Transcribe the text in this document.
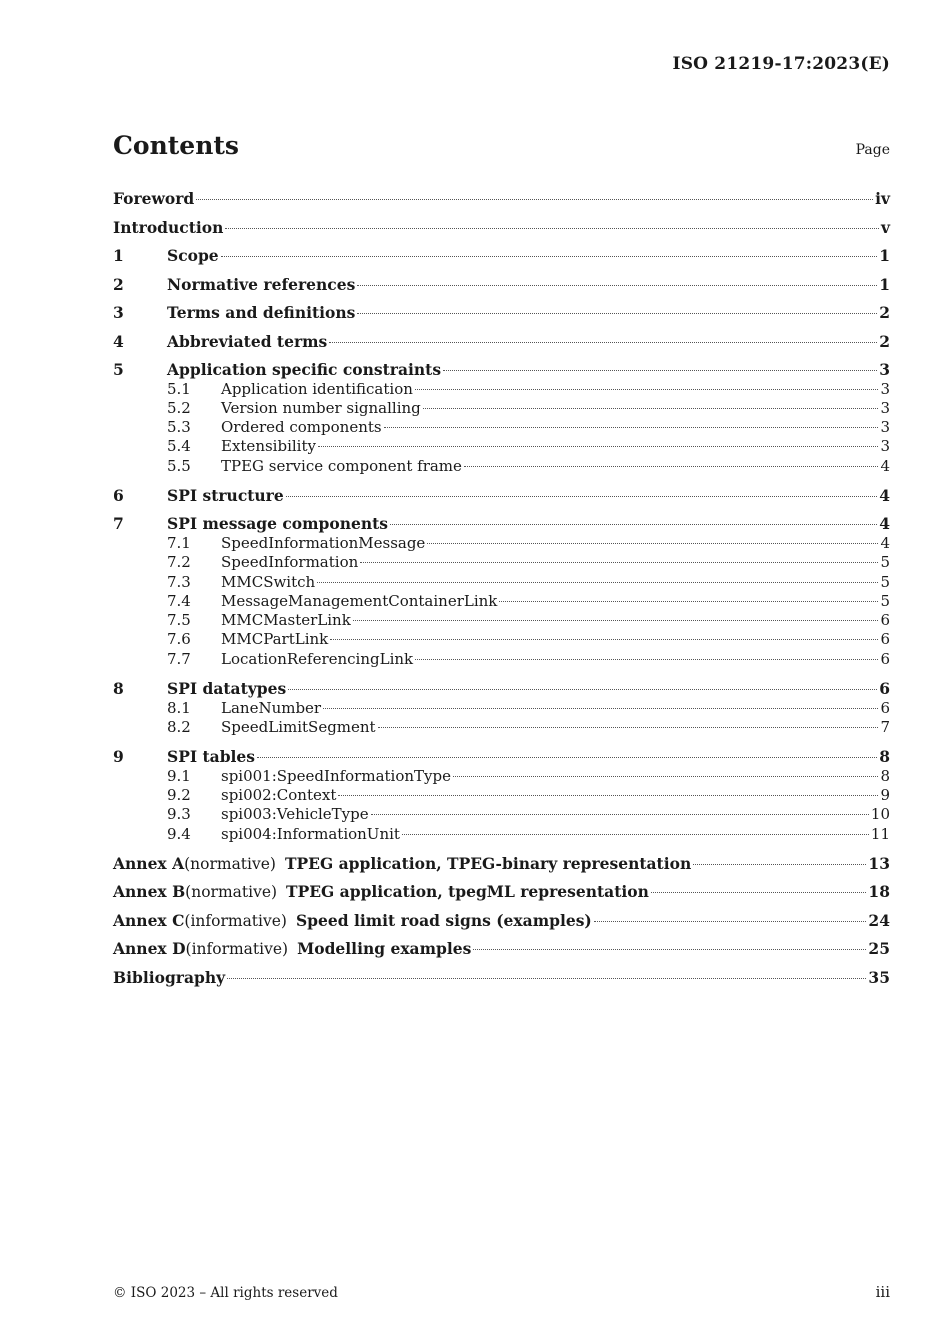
ISO 21219-17:2023(E)
Contents	Page
Foreword	iv
Introduction	v
1	Scope	1
2	Normative references	1
3	Terms and definitions	2
4	Abbreviated terms	2
5	Application specific constraints	3
5.1	Application identification	3
5.2	Version number signalling	3
5.3	Ordered components	3
5.4	Extensibility	3
5.5	TPEG service component frame	4
6	SPI structure	4
7	SPI message components	4
7.1	SpeedInformationMessage	4
7.2	SpeedInformation	5
7.3	MMCSwitch	5
7.4	MessageManagementContainerLink	5
7.5	MMCMasterLink	6
7.6	MMCPartLink	6
7.7	LocationReferencingLink	6
8	SPI datatypes	6
8.1	LaneNumber	6
8.2	SpeedLimitSegment	7
9	SPI tables	8
9.1	spi001:SpeedInformationType	8
9.2	spi002:Context	9
9.3	spi003:VehicleType	10
9.4	spi004:InformationUnit	11
Annex A (normative) TPEG application, TPEG-binary representation	13
Annex B (normative) TPEG application, tpegML representation	18
Annex C (informative) Speed limit road signs (examples)	24
Annex D (informative) Modelling examples	25
Bibliography	35
© ISO 2023 – All rights reserved	iii
